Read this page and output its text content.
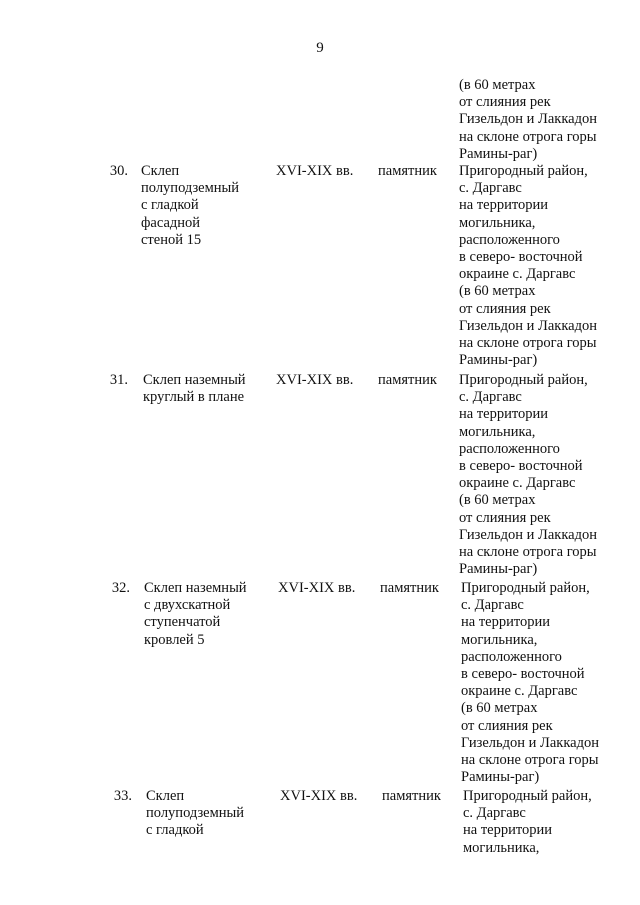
9
(в 60 метрах
от слияния рек
Гизельдон и Лаккадон
на склоне отрога горы
Рамины-раг)
30. Склеп
полуподземный
с гладкой
фасадной
стеной 15
XVI-XIX вв. памятник Пригородный район,
с. Даргавс
на территории
могильника,
расположенного
в северо- восточной
окраине с. Даргавс
(в 60 метрах
от слияния рек
Гизельдон и Лаккадон
на склоне отрога горы
Рамины-раг)
31. Склеп наземный
круглый в плане
XVI-XIX вв. памятник Пригородный район,
с. Даргавс
на территории
могильника,
расположенного
в северо- восточной
окраине с. Даргавс
(в 60 метрах
от слияния рек
Гизельдон и Лаккадон
на склоне отрога горы
Рамины-раг)
32. Склеп наземный
с двухскатной
ступенчатой
кровлей 5
XVI-XIX вв. памятник Пригородный район,
с. Даргавс
на территории
могильника,
расположенного
в северо- восточной
окраине с. Даргавс
(в 60 метрах
от слияния рек
Гизельдон и Лаккадон
на склоне отрога горы
Рамины-раг)
33. Склеп
полуподземный
с гладкой
XVI-XIX вв. памятник Пригородный район,
с. Даргавс
на территории
могильника,
